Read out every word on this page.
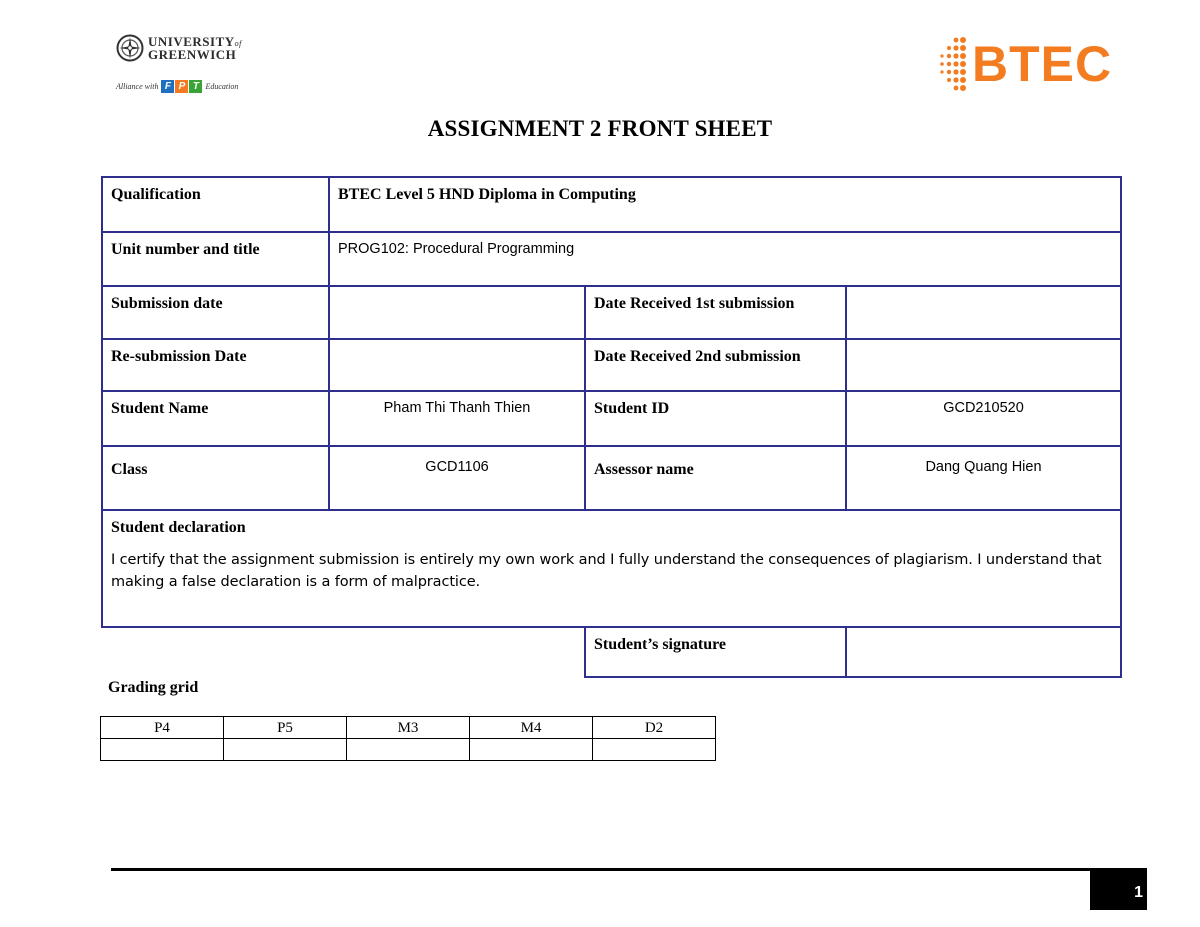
UNIVERSITYof
GREENWICH
Alliance with F P T Education	BTEC
ASSIGNMENT 2 FRONT SHEET
Qualification	BTEC Level 5 HND Diploma in Computing		
Unit number and title	PROG102: Procedural Programming		
Submission date		Date Received 1st submission	
Re-submission Date		Date Received 2nd submission	
Student Name	Pham Thi Thanh Thien	Student ID	GCD210520
Class	GCD1106	Assessor name	Dang Quang Hien

Student declaration
I certify that the assignment submission is entirely my own work and I fully understand the consequences of plagiarism. I understand that making a false declaration is a form of malpractice.			

		Student’s signature	
Grading grid
P4	P5	M3	M4	D2

1
